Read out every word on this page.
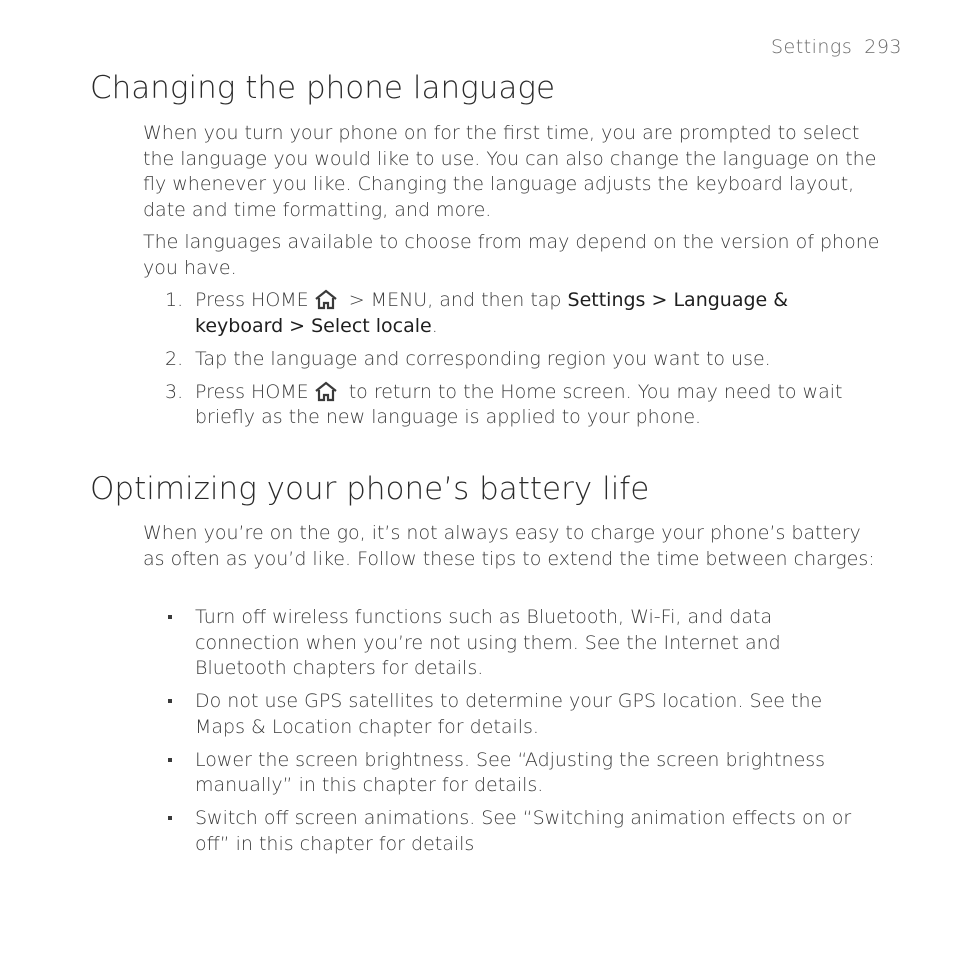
Settings 293
Changing the phone language

When you turn your phone on for the first time, you are prompted to select the language you would like to use. You can also change the language on the fly whenever you like. Changing the language adjusts the keyboard layout, date and time formatting, and more.

The languages available to choose from may depend on the version of phone you have.

1. Press HOME > MENU, and then tap Settings > Language & keyboard > Select locale.
2. Tap the language and corresponding region you want to use.
3. Press HOME to return to the Home screen. You may need to wait briefly as the new language is applied to your phone.
Optimizing your phone’s battery life

When you’re on the go, it’s not always easy to charge your phone’s battery as often as you’d like. Follow these tips to extend the time between charges:

Turn off wireless functions such as Bluetooth, Wi-Fi, and data connection when you’re not using them. See the Internet and Bluetooth chapters for details.
Do not use GPS satellites to determine your GPS location. See the Maps & Location chapter for details.
Lower the screen brightness. See “Adjusting the screen brightness manually” in this chapter for details.
Switch off screen animations. See “Switching animation effects on or off” in this chapter for details
